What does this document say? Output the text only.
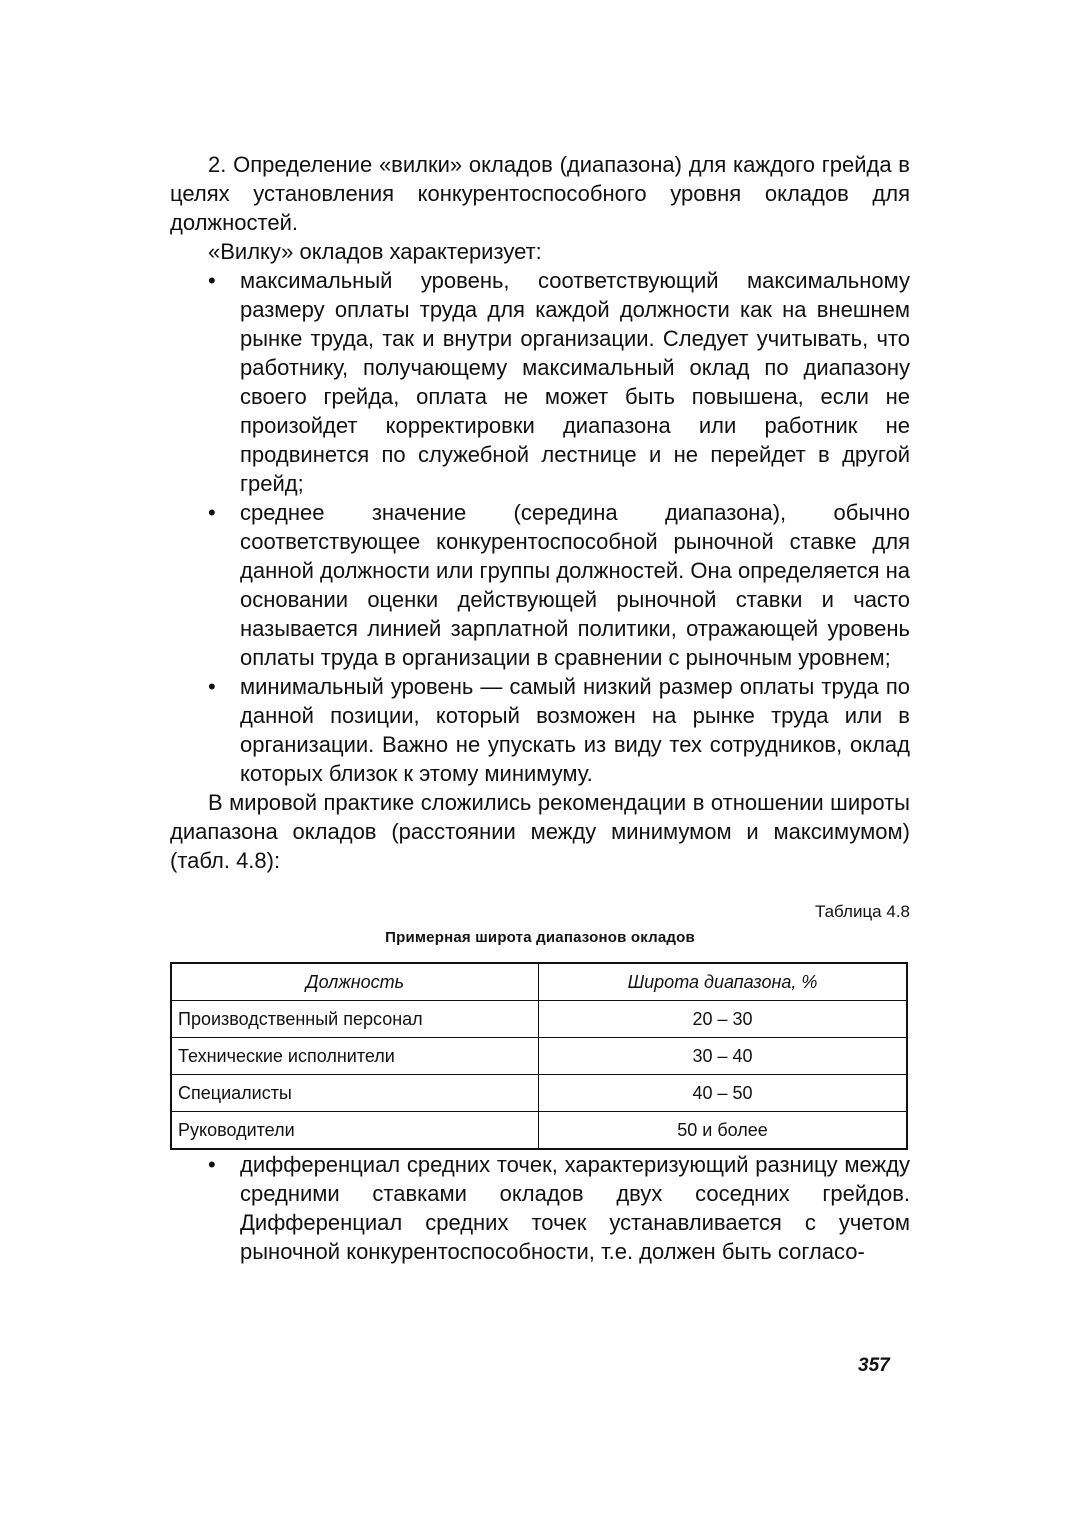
2. Определение «вилки» окладов (диапазона) для каждого грейда в целях установления конкурентоспособного уровня окладов для должностей.

«Вилку» окладов характеризует:

• максимальный уровень, соответствующий максимальному размеру оплаты труда для каждой должности как на внешнем рынке труда, так и внутри организации. Следует учитывать, что работнику, получающему максимальный оклад по диапазону своего грейда, оплата не может быть повышена, если не произойдет корректировки диапазона или работник не продвинется по служебной лестнице и не перейдет в другой грейд;
• среднее значение (середина диапазона), обычно соответствующее конкурентоспособной рыночной ставке для данной должности или группы должностей. Она определяется на основании оценки действующей рыночной ставки и часто называется линией зарплатной политики, отражающей уровень оплаты труда в организации в сравнении с рыночным уровнем;
• минимальный уровень — самый низкий размер оплаты труда по данной позиции, который возможен на рынке труда или в организации. Важно не упускать из виду тех сотрудников, оклад которых близок к этому минимуму.

В мировой практике сложились рекомендации в отношении широты диапазона окладов (расстоянии между минимумом и максимумом) (табл. 4.8):

Таблица 4.8
Примерная широта диапазонов окладов
Должность	Широта диапазона, %
Производственный персонал	20 – 30
Технические исполнители	30 – 40
Специалисты	40 – 50
Руководители	50 и более
• дифференциал средних точек, характеризующий разницу между средними ставками окладов двух соседних грейдов. Дифференциал средних точек устанавливается с учетом рыночной конкурентоспособности, т.е. должен быть согласо-
357
